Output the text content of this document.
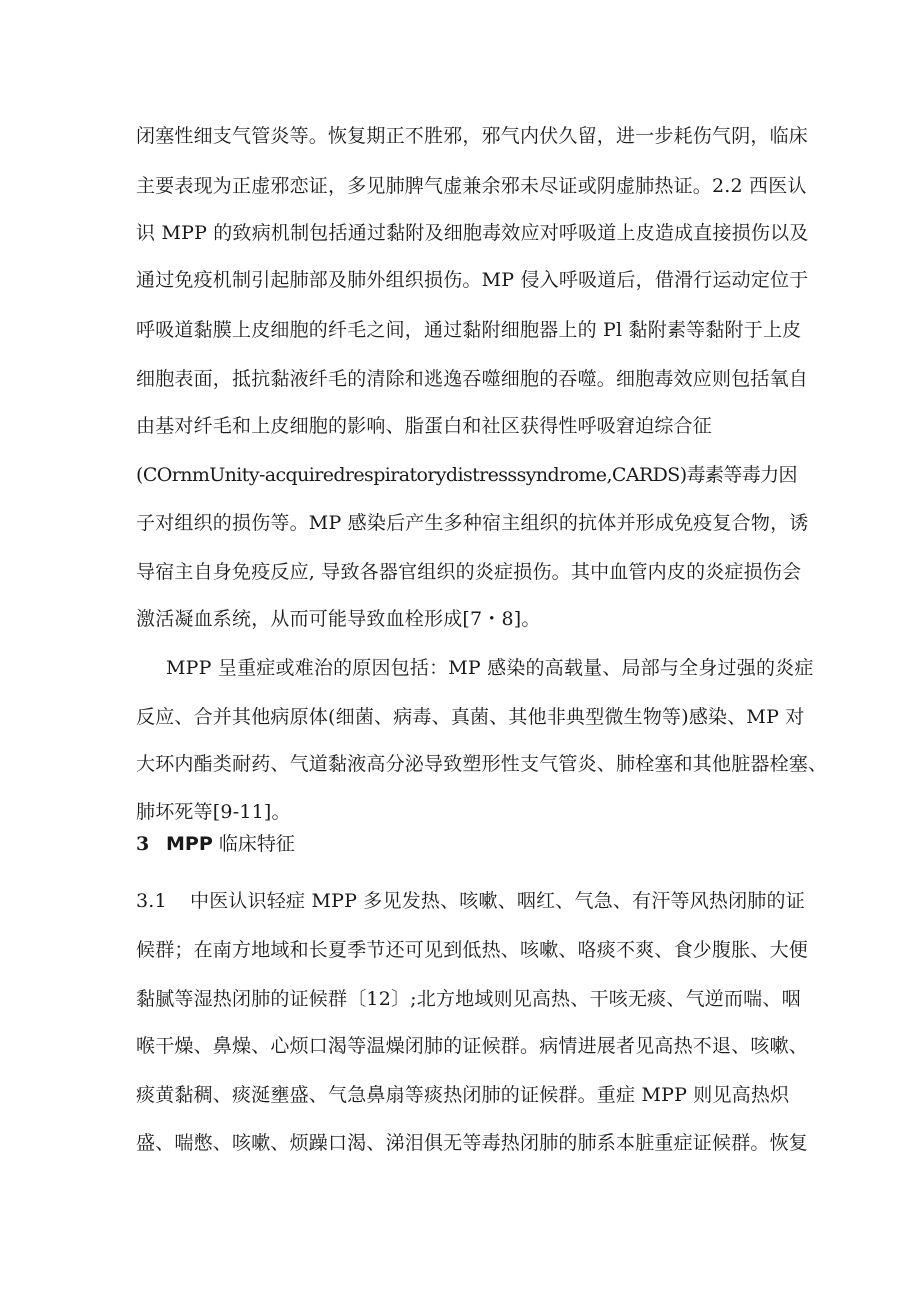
闭塞性细支气管炎等。恢复期正不胜邪，邪气内伏久留，进一步耗伤气阴，临床
主要表现为正虚邪恋证，多见肺脾气虚兼余邪未尽证或阴虚肺热证。2.2 西医认
识 MPP 的致病机制包括通过黏附及细胞毒效应对呼吸道上皮造成直接损伤以及
通过免疫机制引起肺部及肺外组织损伤。MP 侵入呼吸道后，借滑行运动定位于
呼吸道黏膜上皮细胞的纤毛之间，通过黏附细胞器上的 Pl 黏附素等黏附于上皮
细胞表面，抵抗黏液纤毛的清除和逃逸吞噬细胞的吞噬。细胞毒效应则包括氧自
由基对纤毛和上皮细胞的影响、脂蛋白和社区获得性呼吸窘迫综合征
(COrnmUnity-acquiredrespiratorydistresssyndrome,CARDS)毒素等毒力因
子对组织的损伤等。MP 感染后产生多种宿主组织的抗体并形成免疫复合物，诱
导宿主自身免疫反应, 导致各器官组织的炎症损伤。其中血管内皮的炎症损伤会
激活凝血系统，从而可能导致血栓形成[7・8]。
MPP 呈重症或难治的原因包括：MP 感染的高载量、局部与全身过强的炎症
反应、合并其他病原体(细菌、病毒、真菌、其他非典型微生物等)感染、MP 对
大环内酯类耐药、气道黏液高分泌导致塑形性支气管炎、肺栓塞和其他脏器栓塞、
肺坏死等[9-11]。
3 MPP 临床特征
3.1 中医认识轻症 MPP 多见发热、咳嗽、咽红、气急、有汗等风热闭肺的证
候群；在南方地域和长夏季节还可见到低热、咳嗽、咯痰不爽、食少腹胀、大便
黏腻等湿热闭肺的证候群〔12〕;北方地域则见高热、干咳无痰、气逆而喘、咽
喉干燥、鼻燥、心烦口渴等温燥闭肺的证候群。病情进展者见高热不退、咳嗽、
痰黄黏稠、痰涎壅盛、气急鼻扇等痰热闭肺的证候群。重症 MPP 则见高热炽
盛、喘憋、咳嗽、烦躁口渴、涕泪俱无等毒热闭肺的肺系本脏重症证候群。恢复
